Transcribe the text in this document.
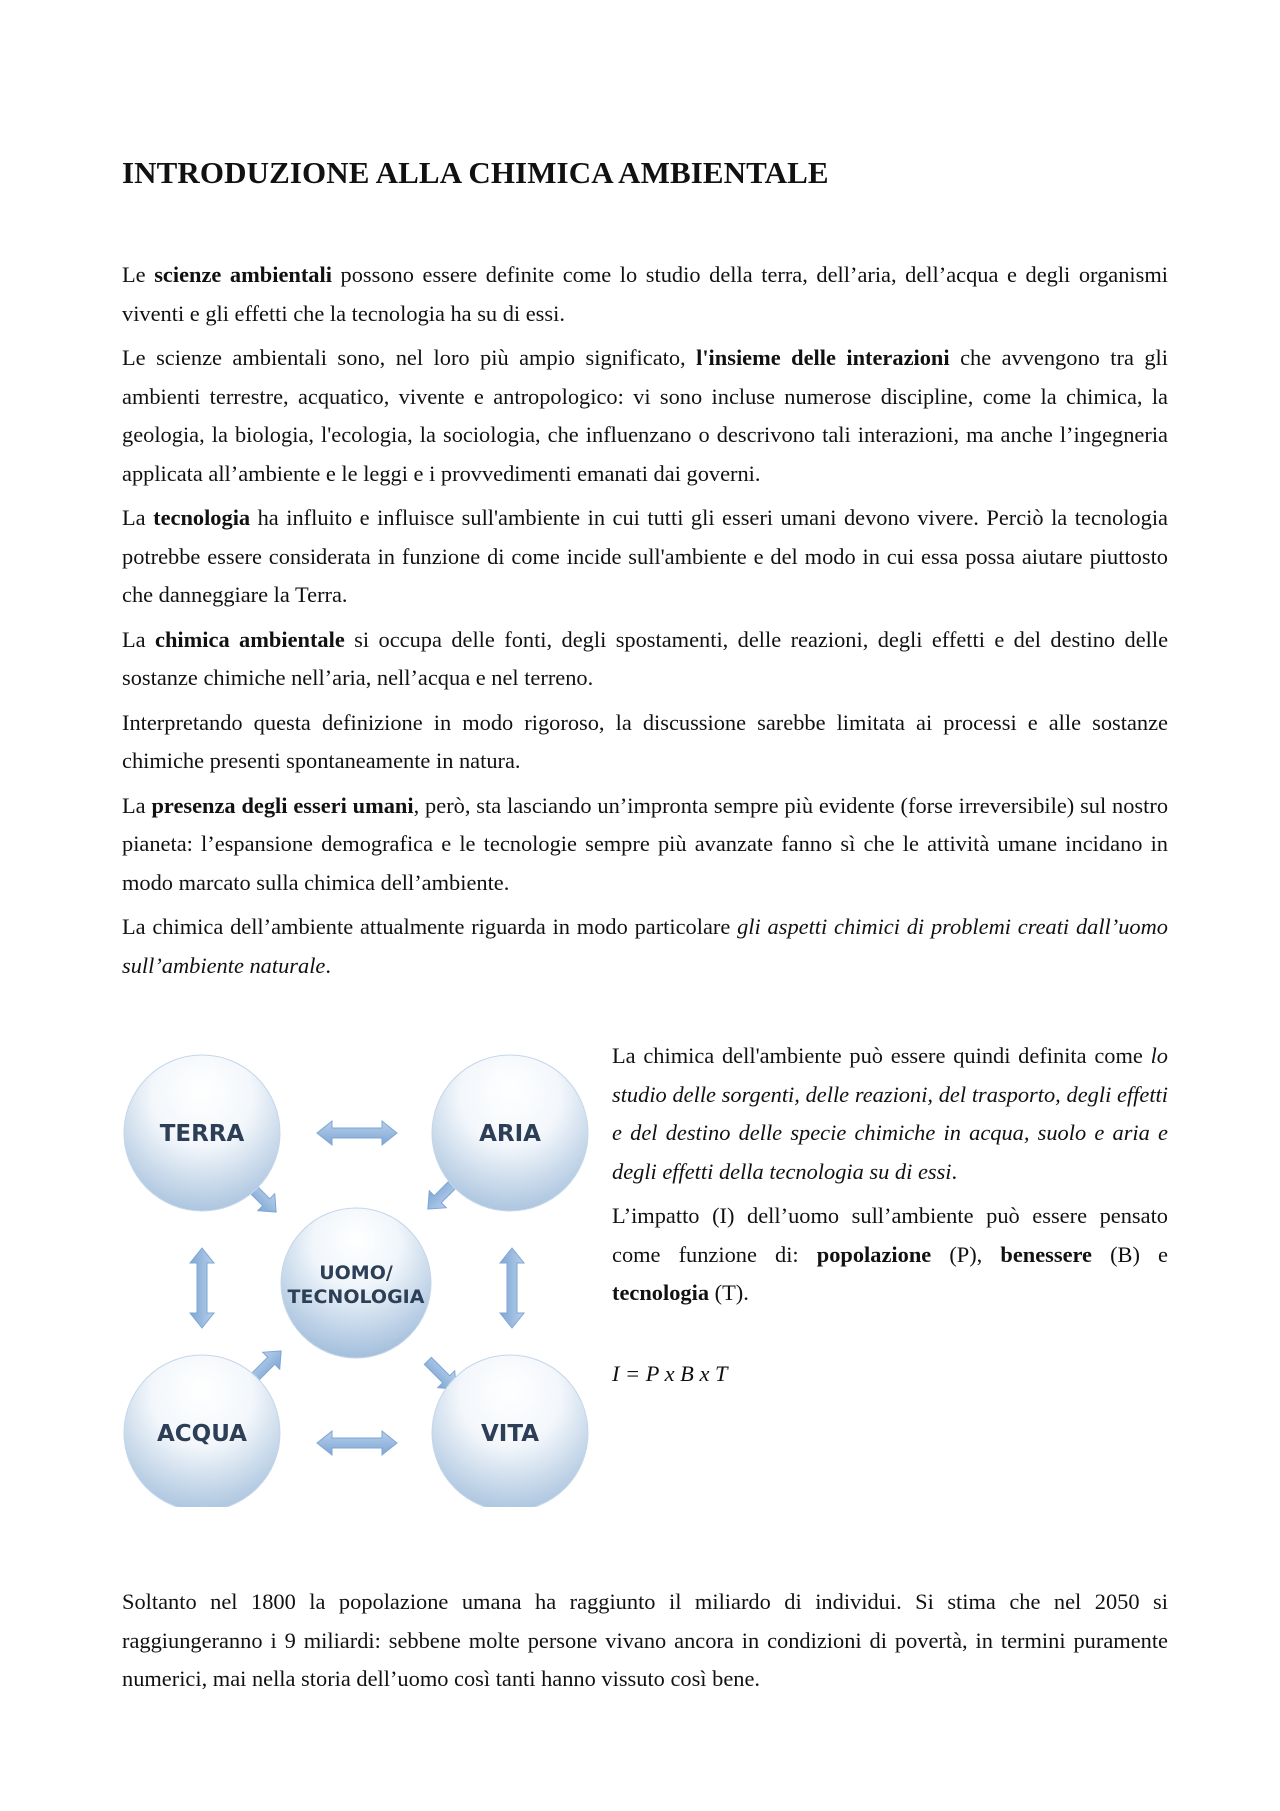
INTRODUZIONE ALLA CHIMICA AMBIENTALE

Le scienze ambientali possono essere definite come lo studio della terra, dell’aria, dell’acqua e degli organismi viventi e gli effetti che la tecnologia ha su di essi.

Le scienze ambientali sono, nel loro più ampio significato, l'insieme delle interazioni che avvengono tra gli ambienti terrestre, acquatico, vivente e antropologico: vi sono incluse numerose discipline, come la chimica, la geologia, la biologia, l'ecologia, la sociologia, che influenzano o descrivono tali interazioni, ma anche l’ingegneria applicata all’ambiente e le leggi e i provvedimenti emanati dai governi.

La tecnologia ha influito e influisce sull'ambiente in cui tutti gli esseri umani devono vivere. Perciò la tecnologia potrebbe essere considerata in funzione di come incide sull'ambiente e del modo in cui essa possa aiutare piuttosto che danneggiare la Terra.

La chimica ambientale si occupa delle fonti, degli spostamenti, delle reazioni, degli effetti e del destino delle sostanze chimiche nell’aria, nell’acqua e nel terreno.

Interpretando questa definizione in modo rigoroso, la discussione sarebbe limitata ai processi e alle sostanze chimiche presenti spontaneamente in natura.

La presenza degli esseri umani, però, sta lasciando un’impronta sempre più evidente (forse irreversibile) sul nostro pianeta: l’espansione demografica e le tecnologie sempre più avanzate fanno sì che le attività umane incidano in modo marcato sulla chimica dell’ambiente.

La chimica dell’ambiente attualmente riguarda in modo particolare gli aspetti chimici di problemi creati dall’uomo sull’ambiente naturale.

TERRA	ARIA
UOMO/
TECNOLOGIA
ACQUA	VITA

La chimica dell'ambiente può essere quindi definita come lo studio delle sorgenti, delle reazioni, del trasporto, degli effetti e del destino delle specie chimiche in acqua, suolo e aria e degli effetti della tecnologia su di essi.

L’impatto (I) dell’uomo sull’ambiente può essere pensato come funzione di: popolazione (P), benessere (B) e tecnologia (T).

I = P x B x T

Soltanto nel 1800 la popolazione umana ha raggiunto il miliardo di individui. Si stima che nel 2050 si raggiungeranno i 9 miliardi: sebbene molte persone vivano ancora in condizioni di povertà, in termini puramente numerici, mai nella storia dell’uomo così tanti hanno vissuto così bene.
